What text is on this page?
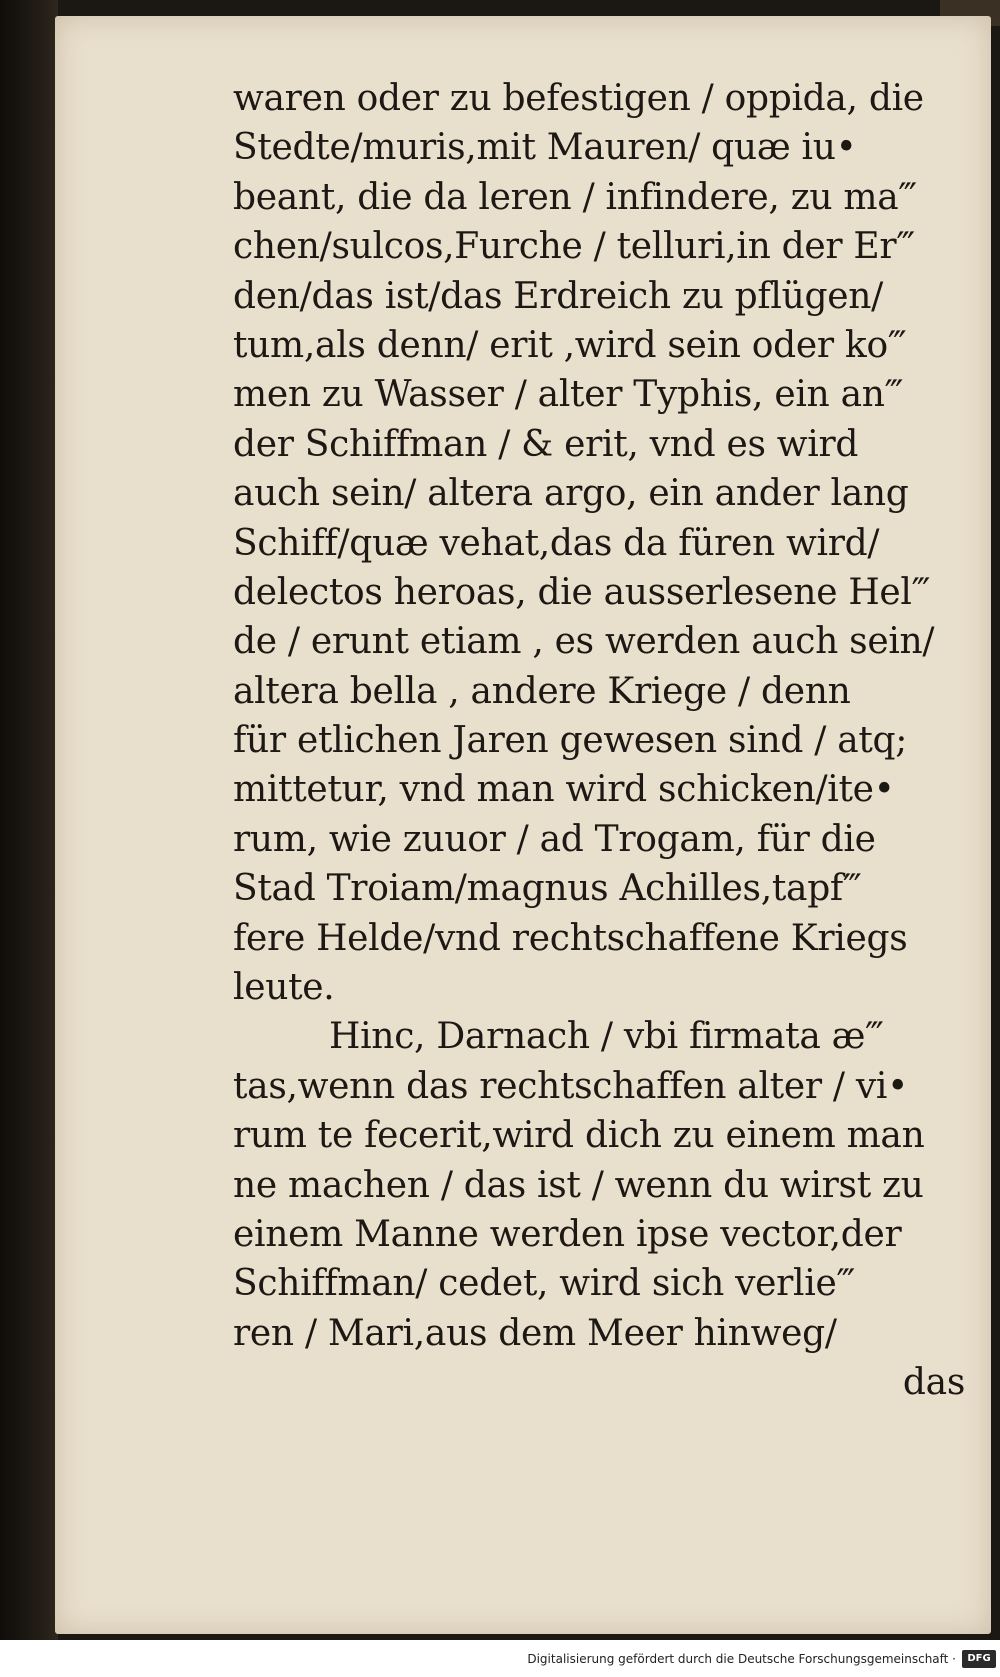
waren oder zu befestigen / oppida, die
Stedte/muris,mit Mauren/ quæ iu•
beant, die da leren / infindere, zu ma‴
chen/sulcos,Furche / telluri,in der Er‴
den/das ist/das Erdreich zu pflügen/
tum,als denn/ erit ,wird sein oder ko‴
men zu Wasser / alter Typhis, ein an‴
der Schiffman / & erit, vnd es wird
auch sein/ altera argo, ein ander lang
Schiff/quæ vehat,das da füren wird/
delectos heroas, die ausserlesene Hel‴
de / erunt etiam , es werden auch sein/
altera bella , andere Kriege / denn
für etlichen Jaren gewesen sind / atq;
mittetur, vnd man wird schicken/ite•
rum, wie zuuor / ad Trogam, für die
Stad Troiam/magnus Achilles,tapf‴
fere Helde/vnd rechtschaffene Kriegs
leute.
Hinc, Darnach / vbi firmata æ‴
tas,wenn das rechtschaffen alter / vi•
rum te fecerit,wird dich zu einem man
ne machen / das ist / wenn du wirst zu
einem Manne werden ipse vector,der
Schiffman/ cedet, wird sich verlie‴
ren / Mari,aus dem Meer hinweg/
das
Digitalisierung gefördert durch die Deutsche Forschungsgemeinschaft ·	DFG
